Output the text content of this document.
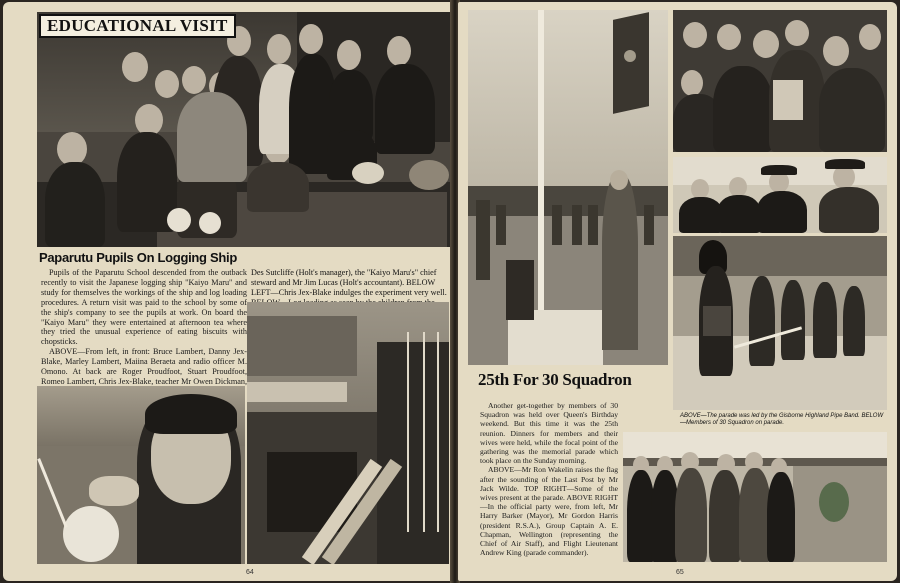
EDUCATIONAL VISIT
Paparutu Pupils On Logging Ship

Pupils of the Paparutu School descended from the outback recently to visit the Japanese logging ship "Kaiyo Maru" and study for themselves the workings of the ship and log loading procedures. A return visit was paid to the school by some of the ship's company to see the pupils at work. On board the "Kaiyo Maru" they were entertained at afternoon tea where they tried the unusual experience of eating biscuits with chopsticks.

ABOVE—From left, in front: Bruce Lambert, Danny Jex-Blake, Marley Lambert, Maiina Beraeta and radio officer M. Omono. At back are Roger Proudfoot, Stuart Proudfoot, Romeo Lambert, Chris Jex-Blake, teacher Mr Owen Dickman,

Des Sutcliffe (Holt's manager), the "Kaiyo Maru's" chief steward and Mr Jim Lucas (Holt's accountant). BELOW LEFT—Chris Jex-Blake indulges the experiment very well.
64
ABOVE—The parade was led by the Gisborne Highland Pipe Band. BELOW—Members of 30 Squadron on parade.
25th For 30 Squadron

Another get-together by members of 30 Squadron was held over Queen's Birthday weekend. But this time it was the 25th reunion. Dinners for members and their wives were held, while the focal point of the gathering was the memorial parade which took place on the Sunday morning.

ABOVE—Mr Ron Wakelin raises the flag after the sounding of the Last Post by Mr Jack Wilde. TOP RIGHT—Some of the wives present at the parade. ABOVE RIGHT—In the official party were, from left, Mr Harry Barker (Mayor), Mr Gordon Harris (president R.S.A.), Group Captain A. E. Chapman, Wellington (representing the Chief of Air Staff), and Flight Lieutenant Andrew King (parade commander).

65
